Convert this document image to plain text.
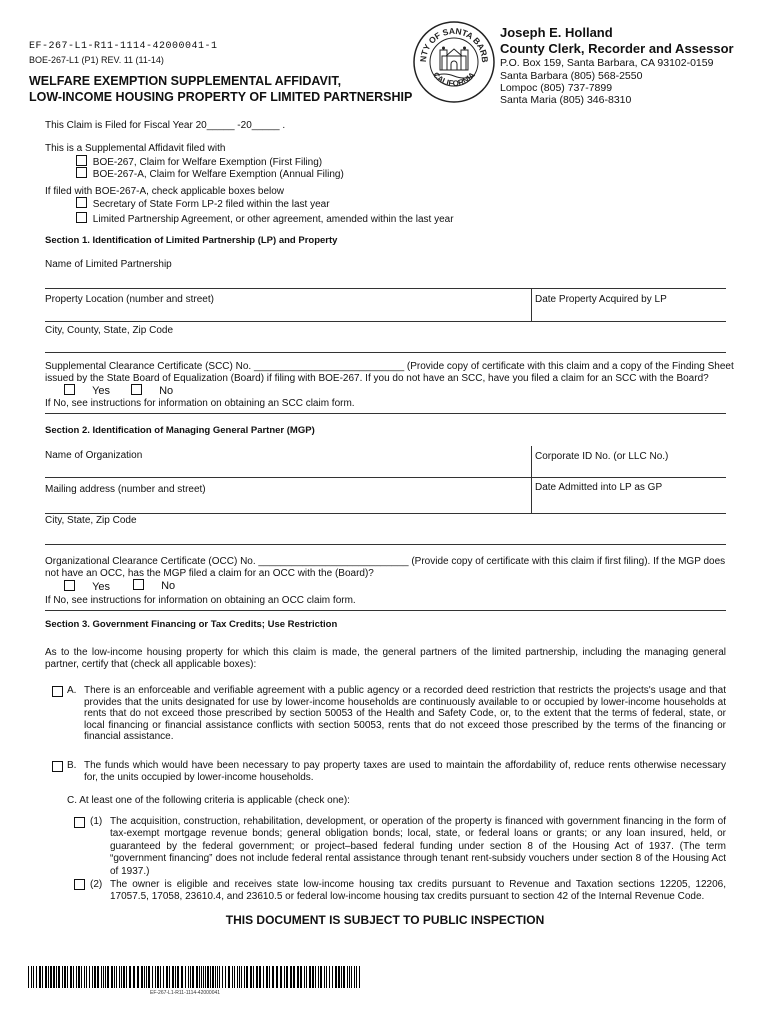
EF-267-L1-R11-1114-42000041-1
BOE-267-L1 (P1) REV. 11 (11-14)
WELFARE EXEMPTION SUPPLEMENTAL AFFIDAVIT,
LOW-INCOME HOUSING PROPERTY OF LIMITED PARTNERSHIP
NTY OF SANTA BARB
CALIFORNIA
Joseph E. Holland
County Clerk, Recorder and Assessor
P.O. Box 159, Santa Barbara, CA 93102-0159
Santa Barbara (805) 568-2550
Lompoc (805) 737-7899
Santa Maria (805) 346-8310
This Claim is Filed for Fiscal Year 20_____ -20_____ .
This is a Supplemental Affidavit filed with
BOE-267, Claim for Welfare Exemption (First Filing)
BOE-267-A, Claim for Welfare Exemption (Annual Filing)
If filed with BOE-267-A, check applicable boxes below
Secretary of State Form LP-2 filed within the last year
Limited Partnership Agreement, or other agreement, amended within the last year
Section 1. Identification of Limited Partnership (LP) and Property
Name of Limited Partnership
Property Location (number and street)	Date Property Acquired by LP
City, County, State, Zip Code
Supplemental Clearance Certificate (SCC) No. ___________________________ (Provide copy of certificate with this claim and a copy of the Finding Sheet
issued by the State Board of Equalization (Board) if filing with BOE-267. If you do not have an SCC, have you filed a claim for an SCC with the Board?
Yes	No
If No, see instructions for information on obtaining an SCC claim form.
Section 2. Identification of Managing General Partner (MGP)
Name of Organization	Corporate ID No. (or LLC No.)
Mailing address (number and street)	Date Admitted into LP as GP
City, State, Zip Code
Organizational Clearance Certificate (OCC) No. ___________________________ (Provide copy of certificate with this claim if first filing). If the MGP does
not have an OCC, has the MGP filed a claim for an OCC with the (Board)?
Yes	No
If No, see instructions for information on obtaining an OCC claim form.
Section 3. Government Financing or Tax Credits; Use Restriction
As to the low-income housing property for which this claim is made, the general partners of the limited partnership, including the managing general partner, certify that (check all applicable boxes):
A. There is an enforceable and verifiable agreement with a public agency or a recorded deed restriction that restricts the projects's usage and that provides that the units designated for use by lower-income households are continuously available to or occupied by lower-income households at rents that do not exceed those prescribed by section 50053 of the Health and Safety Code, or, to the extent that the terms of federal, state, or local financing or financial assistance conflicts with section 50053, rents that do not exceed those prescribed by the terms of the financing or financial assistance.
B. The funds which would have been necessary to pay property taxes are used to maintain the affordability of, reduce rents otherwise necessary for, the units occupied by lower-income households.
C. At least one of the following criteria is applicable (check one):
(1) The acquisition, construction, rehabilitation, development, or operation of the property is financed with government financing in the form of tax-exempt mortgage revenue bonds; general obligation bonds; local, state, or federal loans or grants; or any loan insured, held, or guaranteed by the federal government; or project–based federal funding under section 8 of the Housing Act of 1937. (The term “government financing” does not include federal rental assistance through tenant rent-subsidy vouchers under section 8 of the Housing Act of 1937.)
(2) The owner is eligible and receives state low-income housing tax credits pursuant to Revenue and Taxation sections 12205, 12206, 17057.5, 17058, 23610.4, and 23610.5 or federal low-income housing tax credits pursuant to section 42 of the Internal Revenue Code.
THIS DOCUMENT IS SUBJECT TO PUBLIC INSPECTION
EF-267-L1-R11-1114-42000041
